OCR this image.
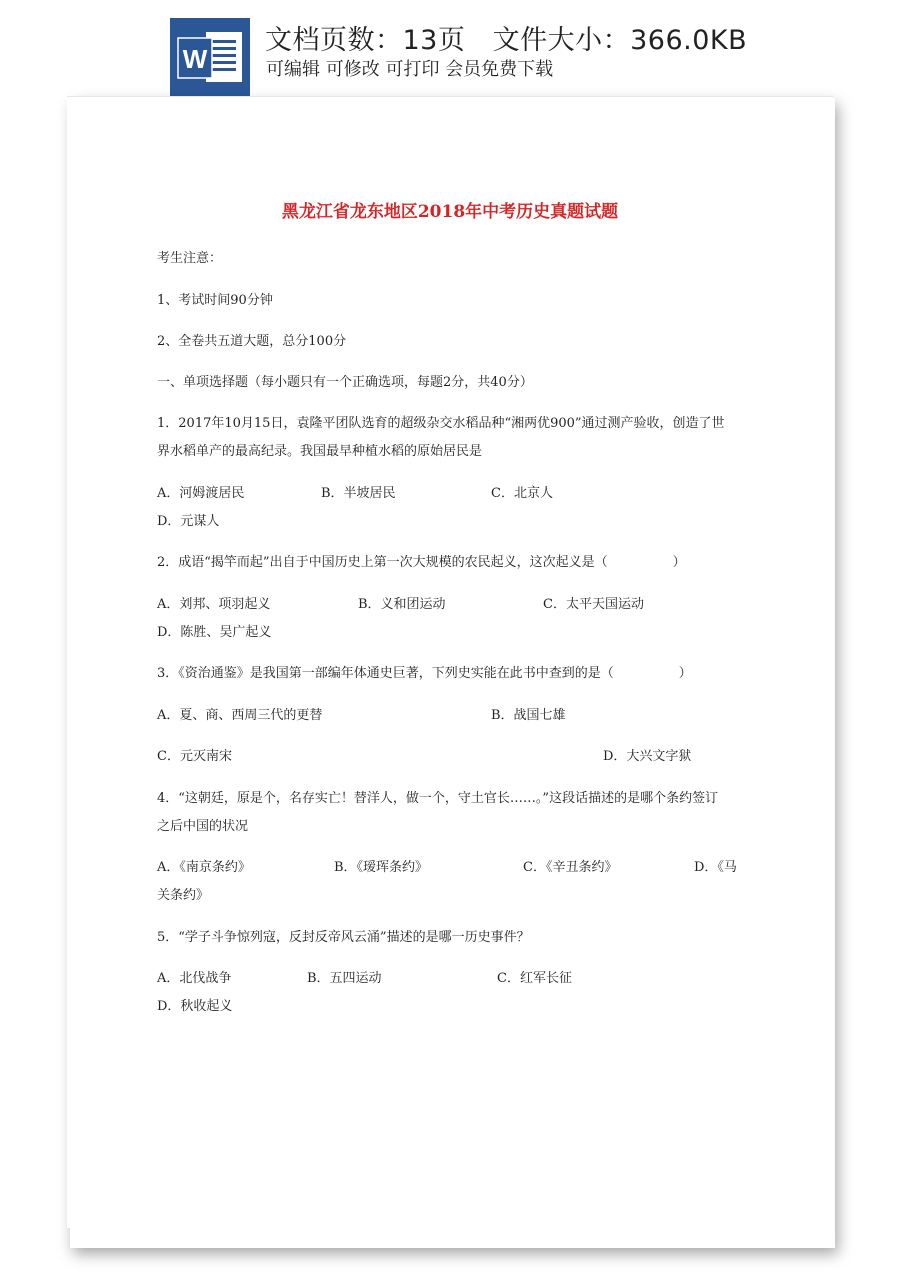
W
文档页数：13页   文件大小：366.0KB
可编辑 可修改 可打印 会员免费下载
黑龙江省龙东地区2018年中考历史真题试题
考生注意：
1、考试时间90分钟
2、全卷共五道大题，总分100分
一、单项选择题（每小题只有一个正确选项，每题2分，共40分）
1．2017年10月15日，袁隆平团队选育的超级杂交水稻品种“湘两优900”通过测产验收，创造了世
界水稻单产的最高纪录。我国最早种植水稻的原始居民是
A．河姆渡居民	B．半坡居民	C．北京人
D．元谋人
2．成语“揭竿而起”出自于中国历史上第一次大规模的农民起义，这次起义是（　　　　　）
A．刘邦、项羽起义	B．义和团运动	C．太平天国运动
D．陈胜、吴广起义
3．《资治通鉴》是我国第一部编年体通史巨著，下列史实能在此书中查到的是（　　　　　）
A．夏、商、西周三代的更替	B．战国七雄
C．元灭南宋	D．大兴文字狱
4．“这朝廷，原是个，名存实亡！替洋人，做一个，守土官长……。”这段话描述的是哪个条约签订
之后中国的状况
A．《南京条约》	B．《瑷珲条约》	C．《辛丑条约》	D．《马
关条约》
5．“学子斗争惊列寇，反封反帝风云涌”描述的是哪一历史事件？
A．北伐战争	B．五四运动	C．红军长征
D．秋收起义
